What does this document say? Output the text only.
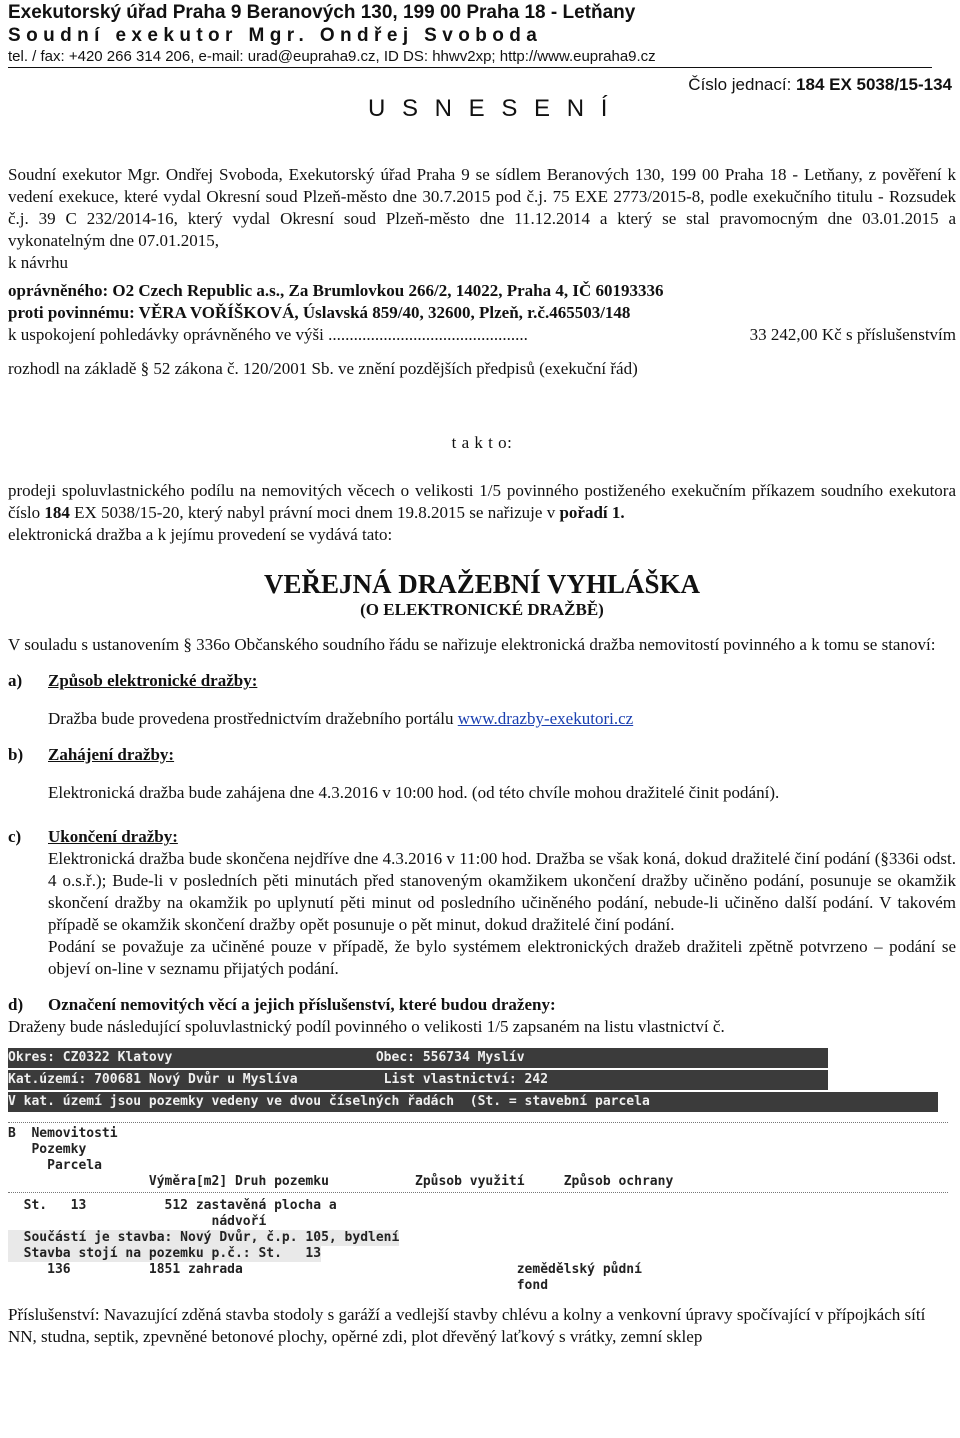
Exekutorský úřad Praha 9 Beranových 130, 199 00 Praha 18 - Letňany
Soudní exekutor Mgr. Ondřej Svoboda
tel. / fax: +420 266 314 206, e-mail: urad@eupraha9.cz, ID DS: hhwv2xp; http://www.eupraha9.cz
U S N E S E N Í
Číslo jednací: 184 EX 5038/15-134

Soudní exekutor Mgr. Ondřej Svoboda, Exekutorský úřad Praha 9 se sídlem Beranových 130, 199 00 Praha 18 - Letňany, z pověření k vedení exekuce, které vydal Okresní soud Plzeň-město dne 30.7.2015 pod č.j. 75 EXE 2773/2015-8, podle exekučního titulu - Rozsudek č.j. 39 C 232/2014-16, který vydal Okresní soud Plzeň-město dne 11.12.2014 a který se stal pravomocným dne 03.01.2015 a vykonatelným dne 07.01.2015,

k návrhu

oprávněného: O2 Czech Republic a.s., Za Brumlovkou 266/2, 14022, Praha 4, IČ 60193336

proti povinnému: VĚRA VOŘÍŠKOVÁ, Úslavská 859/40, 32600, Plzeň, r.č.465503/148

k uspokojení pohledávky oprávněného ve výši ...............................................	33 242,00 Kč s příslušenstvím

rozhodl na základě § 52 zákona č. 120/2001 Sb. ve znění pozdějších předpisů (exekuční řád)

t a k t o:

prodeji spoluvlastnického podílu na nemovitých věcech o velikosti 1/5 povinného postiženého exekučním příkazem soudního exekutora číslo 184 EX 5038/15-20, který nabyl právní moci dnem 19.8.2015 se nařizuje v pořadí 1.

elektronická dražba a k jejímu provedení se vydává tato:

VEŘEJNÁ DRAŽEBNÍ VYHLÁŠKA
(O ELEKTRONICKÉ DRAŽBĚ)

V souladu s ustanovením § 336o Občanského soudního řádu se nařizuje elektronická dražba nemovitostí povinného a k tomu se stanoví:

a)	Způsob elektronické dražby:

Dražba bude provedena prostřednictvím dražebního portálu www.drazby-exekutori.cz

b)	Zahájení dražby:

Elektronická dražba bude zahájena dne 4.3.2016 v 10:00 hod. (od této chvíle mohou dražitelé činit podání).

c)	Ukončení dražby:

Elektronická dražba bude skončena nejdříve dne 4.3.2016 v 11:00 hod. Dražba se však koná, dokud dražitelé činí podání (§336i odst. 4 o.s.ř.); Bude-li v posledních pěti minutách před stanoveným okamžikem ukončení dražby učiněno podání, posunuje se okamžik skončení dražby na okamžik po uplynutí pěti minut od posledního učiněného podání, nebude-li učiněno další podání. V takovém případě se okamžik skončení dražby opět posunuje o pět minut, dokud dražitelé činí podání.

Podání se považuje za učiněné pouze v případě, že bylo systémem elektronických dražeb dražiteli zpětně potvrzeno – podání se objeví on-line v seznamu přijatých podání.

d)	Označení nemovitých věcí a jejich příslušenství, které budou draženy:

Draženy bude následující spoluvlastnický podíl povinného o velikosti 1/5 zapsaném na listu vlastnictví č.

Okres: CZ0322 Klatovy                          Obec: 556734 Myslív
Kat.území: 700681 Nový Dvůr u Myslíva           List vlastnictví: 242
V kat. území jsou pozemky vedeny ve dvou číselných řadách  (St. = stavební parcela
B  Nemovitosti
Pozemky
Parcela
Výměra[m2] Druh pozemku           Způsob využití     Způsob ochrany
St.   13          512 zastavěná plocha a
nádvoří
Součástí je stavba: Nový Dvůr, č.p. 105, bydlení
Stavba stojí na pozemku p.č.: St.   13
136          1851 zahrada                                   zemědělský půdní
fond

Příslušenství: Navazující zděná stavba stodoly s garáží a vedlejší stavby chlévu a kolny a venkovní úpravy spočívající v přípojkách sítí NN, studna, septik, zpevněné betonové plochy, opěrné zdi, plot dřevěný laťkový s vrátky, zemní sklep
